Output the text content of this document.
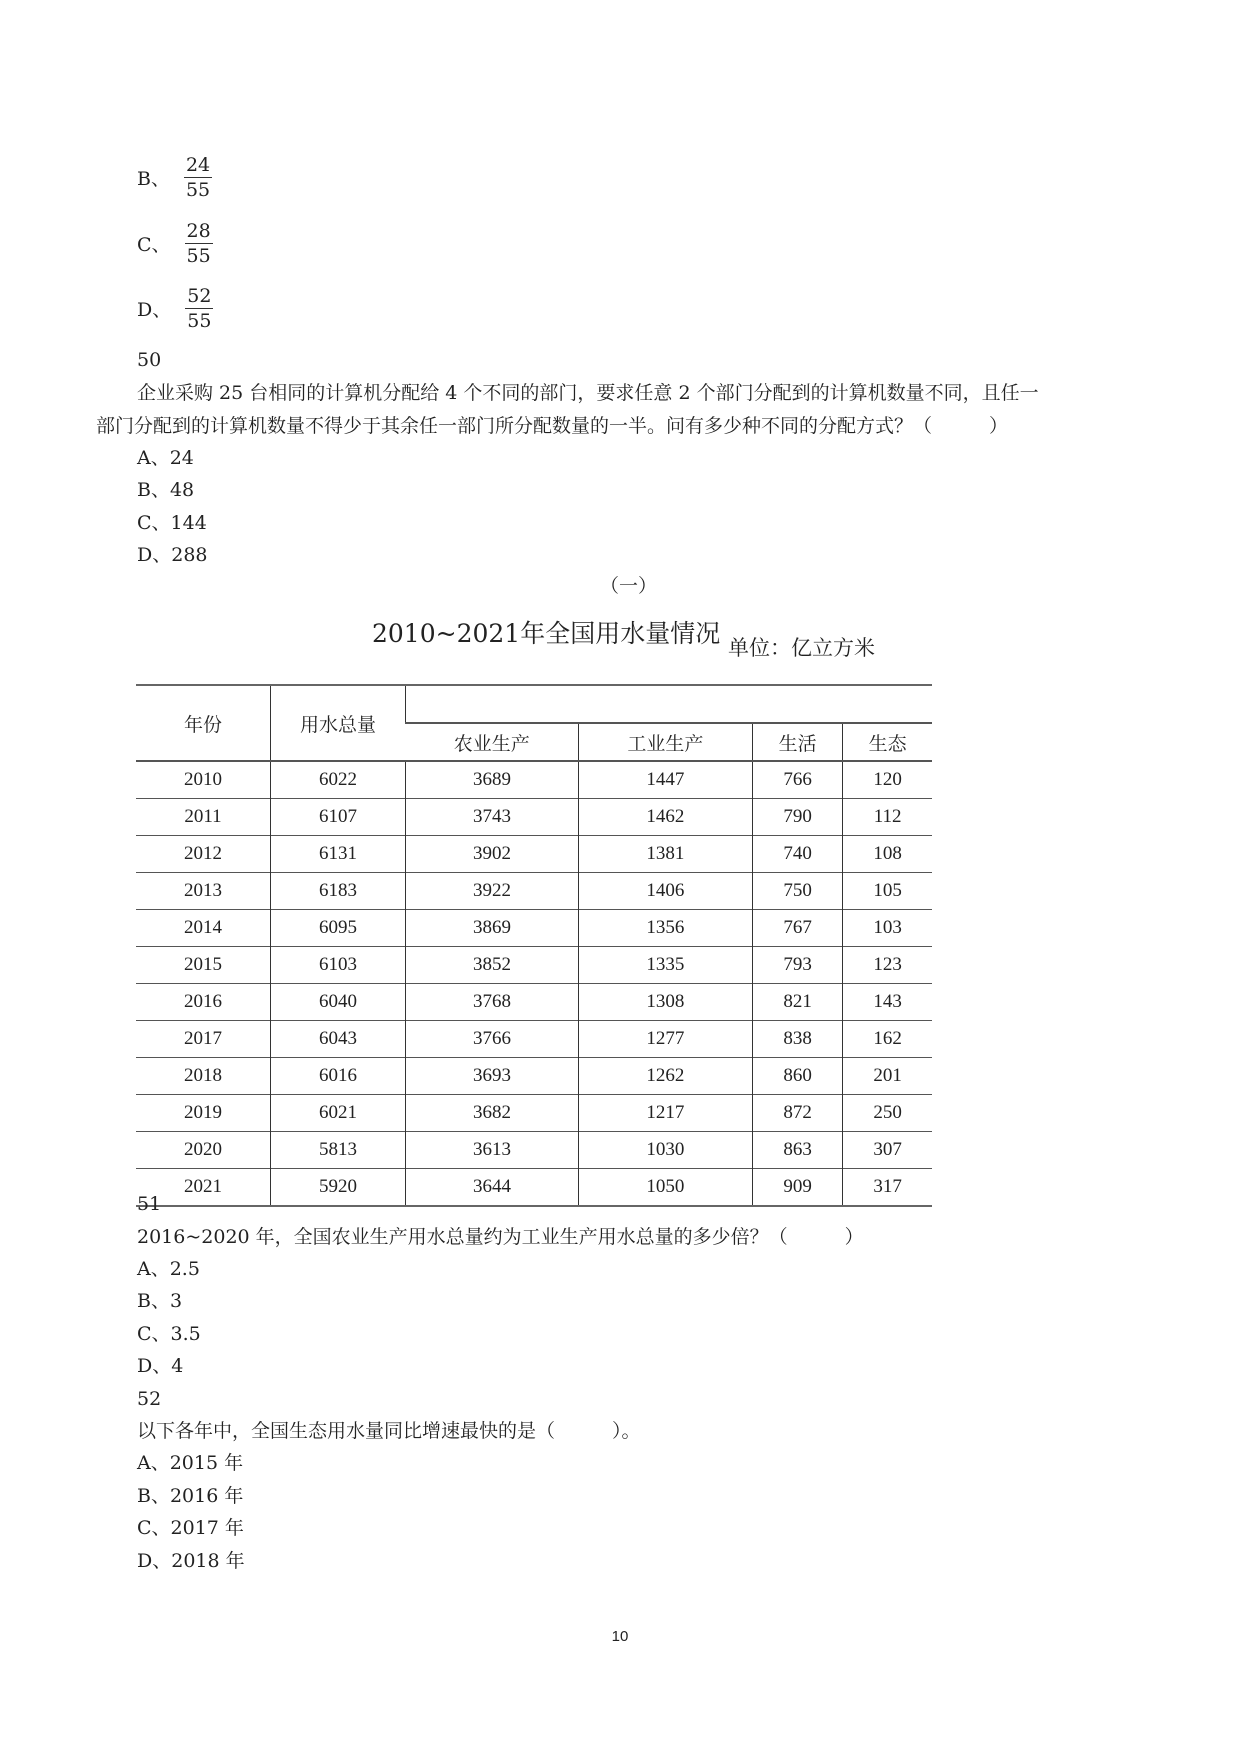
B、 $\frac{24}{55}$
C、 $\frac{28}{55}$
D、 $\frac{52}{55}$
50
企业采购 25 台相同的计算机分配给 4 个不同的部门，要求任意 2 个部门分配到的计算机数量不同，且任一
部门分配到的计算机数量不得少于其余任一部门所分配数量的一半。问有多少种不同的分配方式？（　　　）
A、24
B、48
C、144
D、288
（一）
2010~2021年全国用水量情况 单位：亿立方米
年份	用水总量				
		农业生产	工业生产	生活	生态
2010	6022	3689	1447	766	120
2011	6107	3743	1462	790	112
2012	6131	3902	1381	740	108
2013	6183	3922	1406	750	105
2014	6095	3869	1356	767	103
2015	6103	3852	1335	793	123
2016	6040	3768	1308	821	143
2017	6043	3766	1277	838	162
2018	6016	3693	1262	860	201
2019	6021	3682	1217	872	250
2020	5813	3613	1030	863	307
2021	5920	3644	1050	909	317
51
2016~2020 年，全国农业生产用水总量约为工业生产用水总量的多少倍？（　　　）
A、2.5
B、3
C、3.5
D、4
52
以下各年中，全国生态用水量同比增速最快的是（　　　）。
A、2015 年
B、2016 年
C、2017 年
D、2018 年
10
